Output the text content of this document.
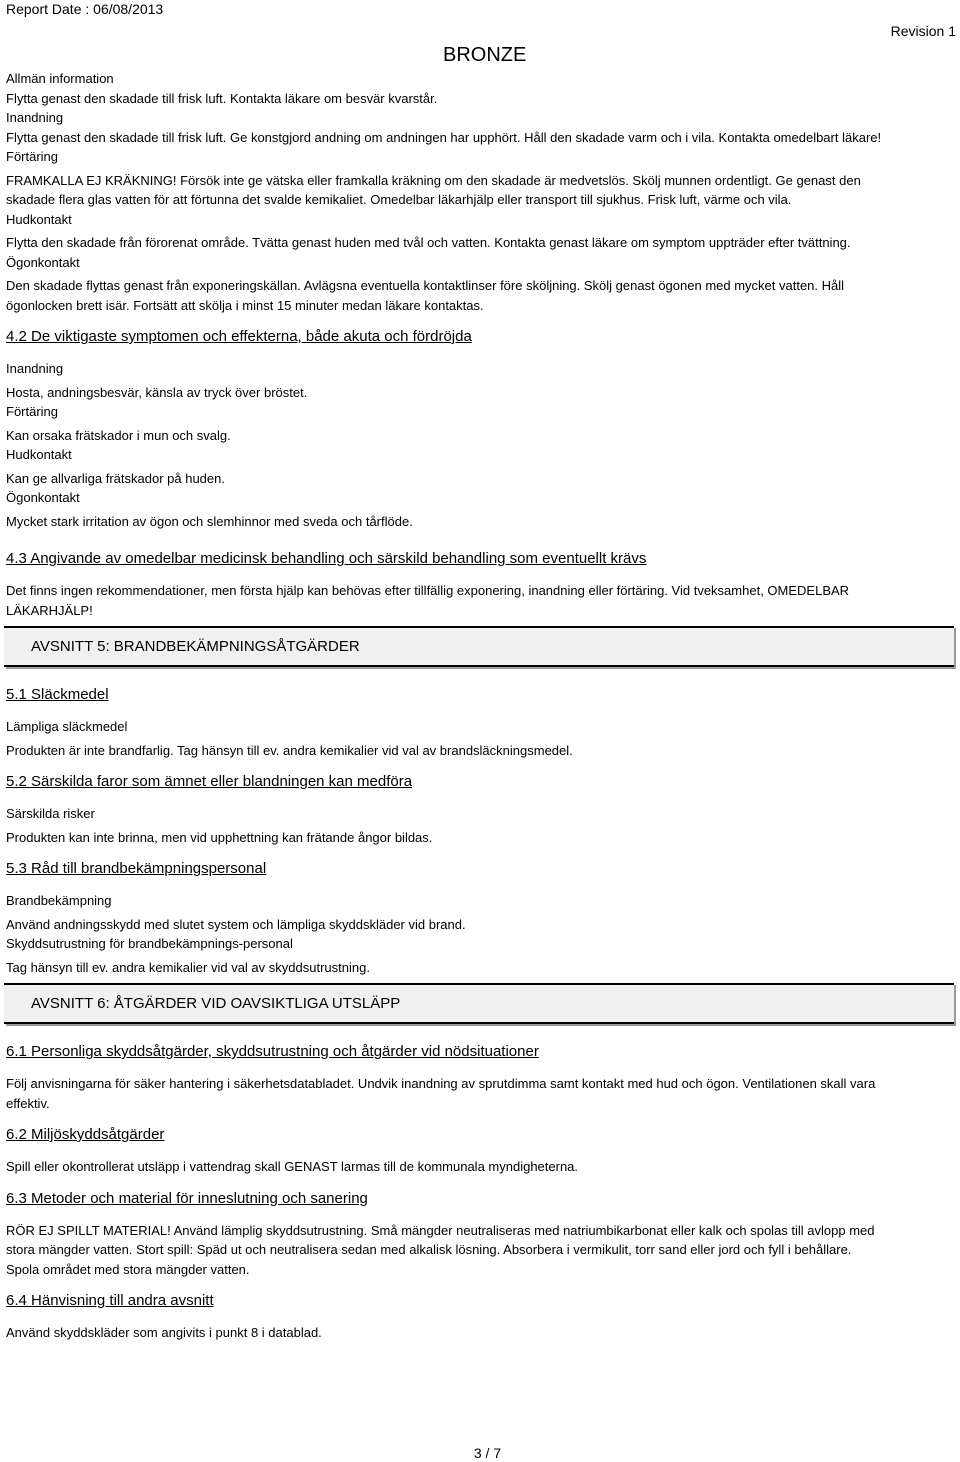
Report Date : 06/08/2013
Revision 1
BRONZE

Allmän information

Flytta genast den skadade till frisk luft. Kontakta läkare om besvär kvarstår.

Inandning

Flytta genast den skadade till frisk luft. Ge konstgjord andning om andningen har upphört. Håll den skadade varm och i vila. Kontakta omedelbart läkare!

Förtäring

FRAMKALLA EJ KRÄKNING! Försök inte ge vätska eller framkalla kräkning om den skadade är medvetslös. Skölj munnen ordentligt. Ge genast den skadade flera glas vatten för att förtunna det svalde kemikaliet. Omedelbar läkarhjälp eller transport till sjukhus. Frisk luft, värme och vila.

Hudkontakt

Flytta den skadade från förorenat område. Tvätta genast huden med tvål och vatten. Kontakta genast läkare om symptom uppträder efter tvättning.

Ögonkontakt

Den skadade flyttas genast från exponeringskällan. Avlägsna eventuella kontaktlinser före sköljning. Skölj genast ögonen med mycket vatten. Håll ögonlocken brett isär. Fortsätt att skölja i minst 15 minuter medan läkare kontaktas.

4.2 De viktigaste symptomen och effekterna, både akuta och fördröjda

Inandning

Hosta, andningsbesvär, känsla av tryck över bröstet.

Förtäring

Kan orsaka frätskador i mun och svalg.

Hudkontakt

Kan ge allvarliga frätskador på huden.

Ögonkontakt

Mycket stark irritation av ögon och slemhinnor med sveda och tårflöde.

4.3 Angivande av omedelbar medicinsk behandling och särskild behandling som eventuellt krävs

Det finns ingen rekommendationer, men första hjälp kan behövas efter tillfällig exponering, inandning eller förtäring. Vid tveksamhet, OMEDELBAR LÄKARHJÄLP!

AVSNITT 5: BRANDBEKÄMPNINGSÅTGÄRDER

5.1 Släckmedel

Lämpliga släckmedel

Produkten är inte brandfarlig. Tag hänsyn till ev. andra kemikalier vid val av brandsläckningsmedel.

5.2 Särskilda faror som ämnet eller blandningen kan medföra

Särskilda risker

Produkten kan inte brinna, men vid upphettning kan frätande ångor bildas.

5.3 Råd till brandbekämpningspersonal

Brandbekämpning

Använd andningsskydd med slutet system och lämpliga skyddskläder vid brand.

Skyddsutrustning för brandbekämpnings-personal

Tag hänsyn till ev. andra kemikalier vid val av skyddsutrustning.

AVSNITT 6: ÅTGÄRDER VID OAVSIKTLIGA UTSLÄPP

6.1 Personliga skyddsåtgärder, skyddsutrustning och åtgärder vid nödsituationer

Följ anvisningarna för säker hantering i säkerhetsdatabladet. Undvik inandning av sprutdimma samt kontakt med hud och ögon. Ventilationen skall vara effektiv.

6.2 Miljöskyddsåtgärder

Spill eller okontrollerat utsläpp i vattendrag skall GENAST larmas till de kommunala myndigheterna.

6.3 Metoder och material för inneslutning och sanering

RÖR EJ SPILLT MATERIAL! Använd lämplig skyddsutrustning. Små mängder neutraliseras med natriumbikarbonat eller kalk och spolas till avlopp med stora mängder vatten. Stort spill: Späd ut och neutralisera sedan med alkalisk lösning. Absorbera i vermikulit, torr sand eller jord och fyll i behållare. Spola området med stora mängder vatten.

6.4 Hänvisning till andra avsnitt

Använd skyddskläder som angivits i punkt 8 i datablad.

3 / 7
